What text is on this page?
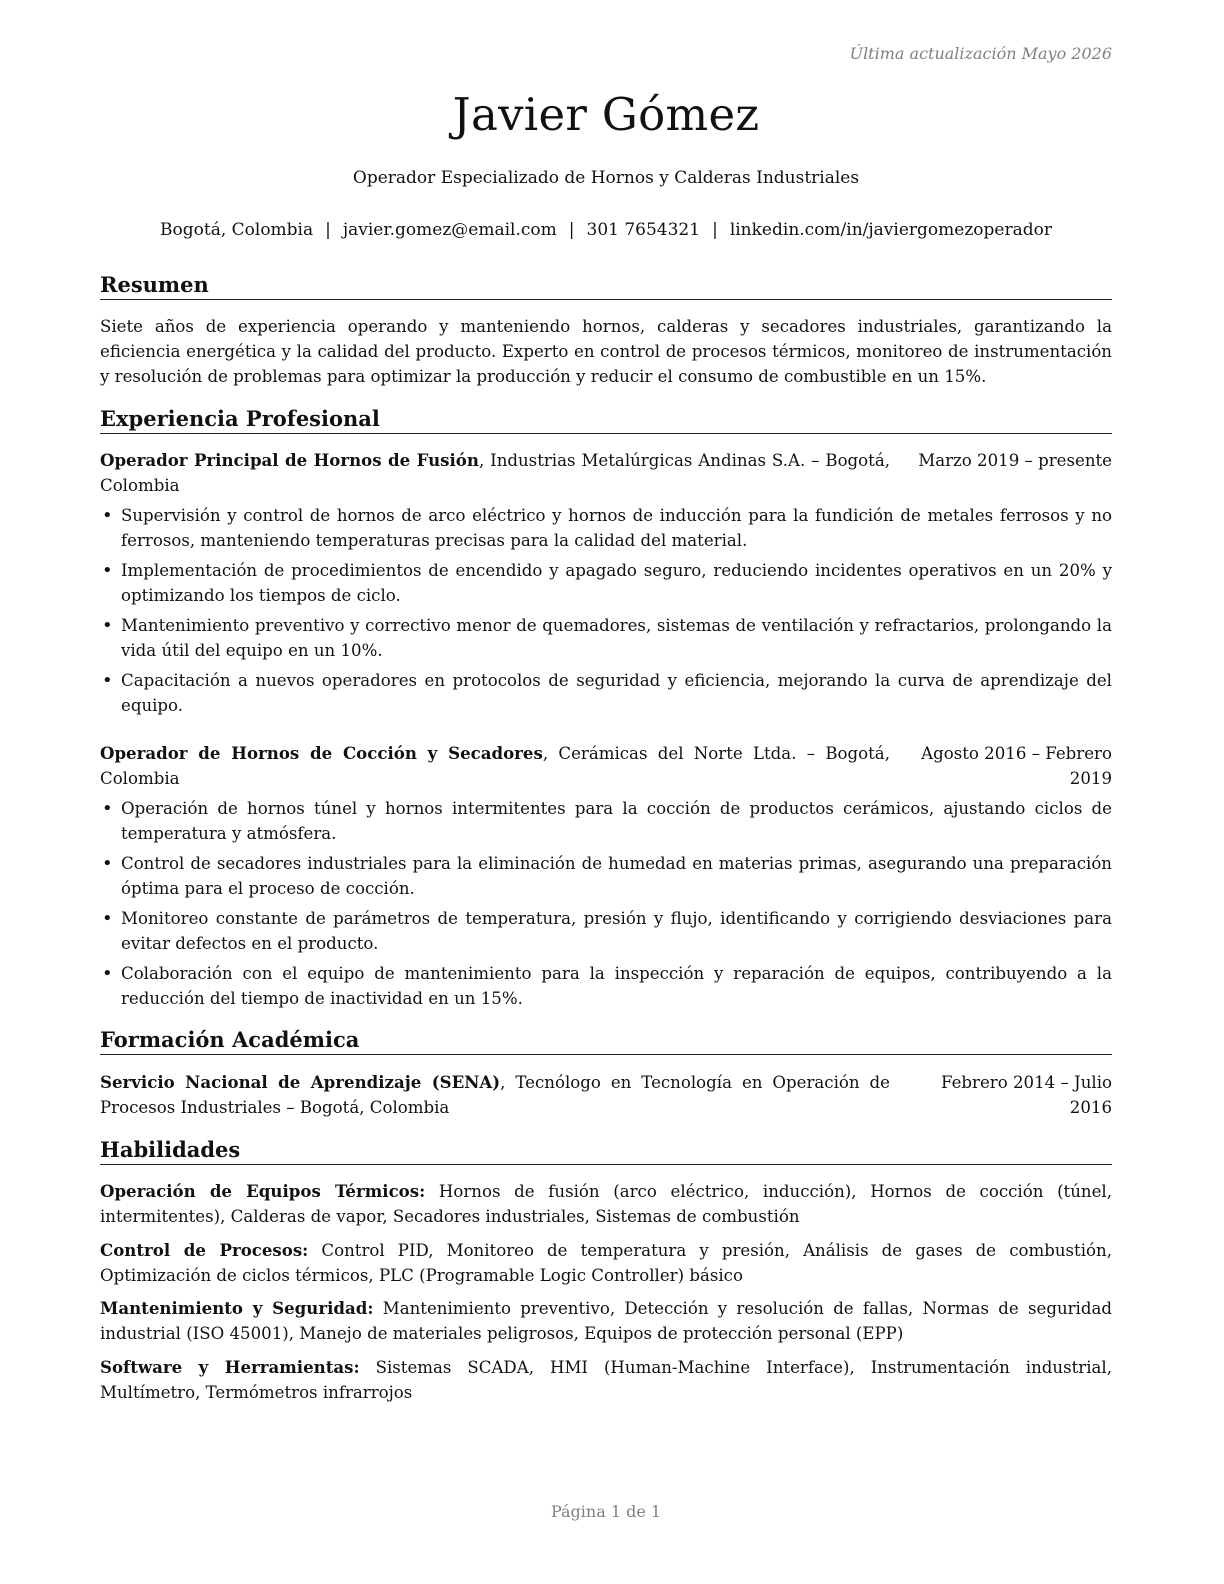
Última actualización Mayo 2026
Javier Gómez
Operador Especializado de Hornos y Calderas Industriales
Bogotá, Colombia | javier.gomez@email.com | 301 7654321 | linkedin.com/in/javiergomezoperador
Resumen
Siete años de experiencia operando y manteniendo hornos, calderas y secadores industriales, garantizando la eficiencia energética y la calidad del producto. Experto en control de procesos térmicos, monitoreo de instrumentación y resolución de problemas para optimizar la producción y reducir el consumo de combustible en un 15%.
Experiencia Profesional
Operador Principal de Hornos de Fusión, Industrias Metalúrgicas Andinas S.A. – Bogotá, Colombia
Marzo 2019 – presente
• Supervisión y control de hornos de arco eléctrico y hornos de inducción para la fundición de metales ferrosos y no ferrosos, manteniendo temperaturas precisas para la calidad del material.
• Implementación de procedimientos de encendido y apagado seguro, reduciendo incidentes operativos en un 20% y optimizando los tiempos de ciclo.
• Mantenimiento preventivo y correctivo menor de quemadores, sistemas de ventilación y refractarios, prolongando la vida útil del equipo en un 10%.
• Capacitación a nuevos operadores en protocolos de seguridad y eficiencia, mejorando la curva de aprendizaje del equipo.
Operador de Hornos de Cocción y Secadores, Cerámicas del Norte Ltda. – Bogotá, Colombia
Agosto 2016 – Febrero 2019
• Operación de hornos túnel y hornos intermitentes para la cocción de productos cerámicos, ajustando ciclos de temperatura y atmósfera.
• Control de secadores industriales para la eliminación de humedad en materias primas, asegurando una preparación óptima para el proceso de cocción.
• Monitoreo constante de parámetros de temperatura, presión y flujo, identificando y corrigiendo desviaciones para evitar defectos en el producto.
• Colaboración con el equipo de mantenimiento para la inspección y reparación de equipos, contribuyendo a la reducción del tiempo de inactividad en un 15%.
Formación Académica
Servicio Nacional de Aprendizaje (SENA), Tecnólogo en Tecnología en Operación de Procesos Industriales – Bogotá, Colombia
Febrero 2014 – Julio 2016
Habilidades
Operación de Equipos Térmicos: Hornos de fusión (arco eléctrico, inducción), Hornos de cocción (túnel, intermitentes), Calderas de vapor, Secadores industriales, Sistemas de combustión
Control de Procesos: Control PID, Monitoreo de temperatura y presión, Análisis de gases de combustión, Optimización de ciclos térmicos, PLC (Programable Logic Controller) básico
Mantenimiento y Seguridad: Mantenimiento preventivo, Detección y resolución de fallas, Normas de seguridad industrial (ISO 45001), Manejo de materiales peligrosos, Equipos de protección personal (EPP)
Software y Herramientas: Sistemas SCADA, HMI (Human-Machine Interface), Instrumentación industrial, Multímetro, Termómetros infrarrojos
Página 1 de 1
